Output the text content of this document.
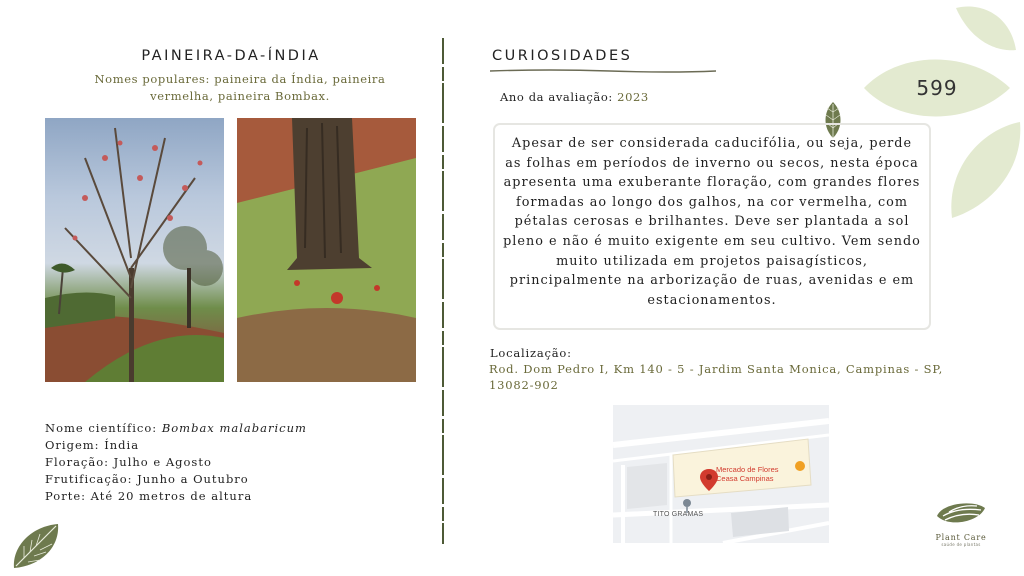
PAINEIRA-DA-ÍNDIA
Nomes populares: paineira da Índia, paineira
vermelha, paineira Bombax.
Nome científico: Bombax malabaricum
Origem: Índia
Floração: Julho e Agosto
Frutificação: Junho a Outubro
Porte: Até 20 metros de altura
CURIOSIDADES
Ano da avaliação: 2023

Apesar de ser considerada caducifólia, ou seja, perde as folhas em períodos de inverno ou secos, nesta época apresenta uma exuberante floração, com grandes flores formadas ao longo dos galhos, na cor vermelha, com pétalas cerosas e brilhantes. Deve ser plantada a sol pleno e não é muito exigente em seu cultivo. Vem sendo muito utilizada em projetos paisagísticos, principalmente na arborização de ruas, avenidas e em estacionamentos.

Localização:
Rod. Dom Pedro I, Km 140 - 5 - Jardim Santa Monica, Campinas - SP, 13082-902
Mercado de Flores
Ceasa Campinas
TITO GRAMAS
599
Plant Care
saúde de plantas
